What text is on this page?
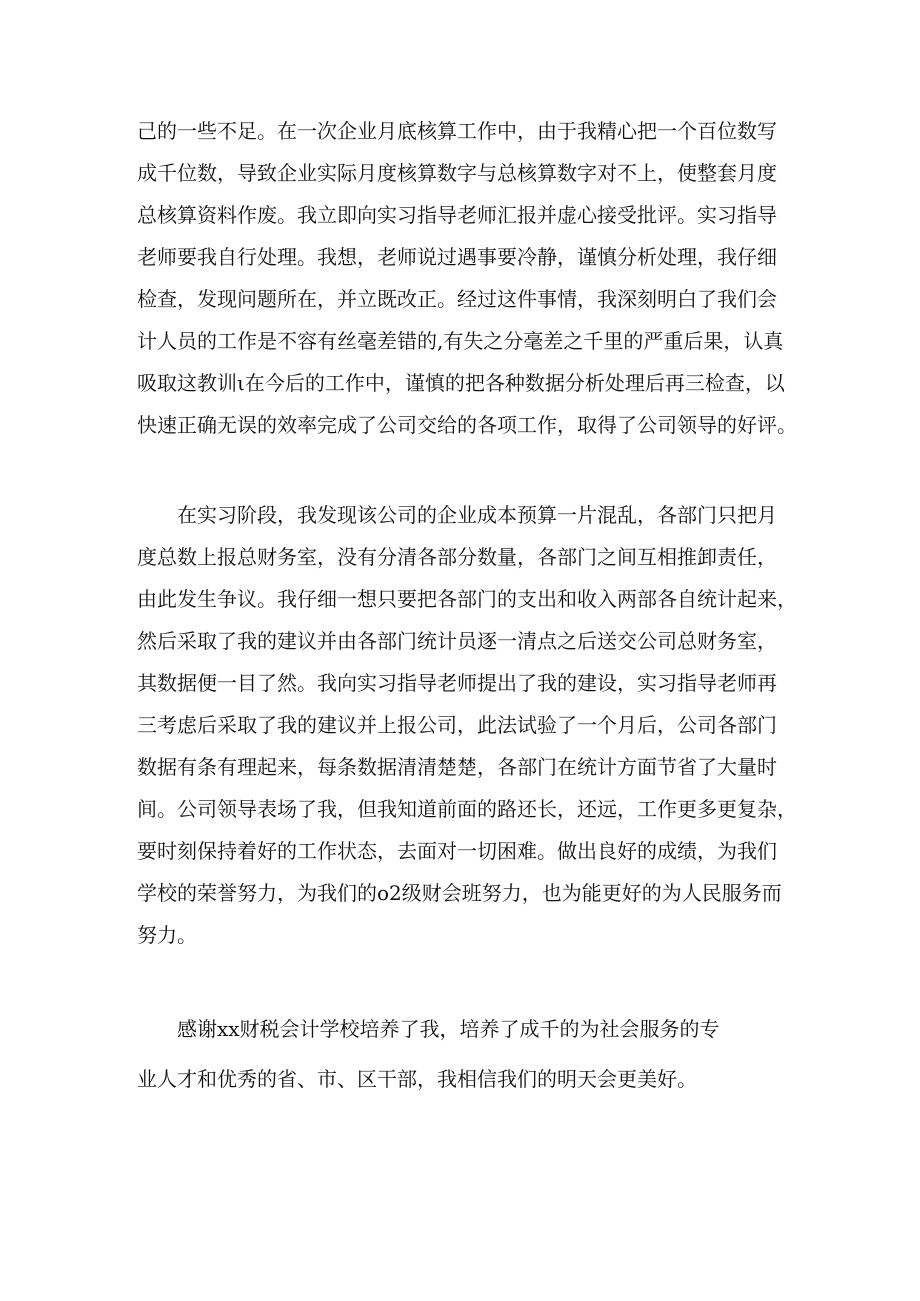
己的一些不足。在一次企业月底核算工作中，由于我精心把一个百位数写
成千位数，导致企业实际月度核算数字与总核算数字对不上，使整套月度
总核算资料作废。我立即向实习指导老师汇报并虚心接受批评。实习指导
老师要我自行处理。我想，老师说过遇事要冷静，谨慎分析处理，我仔细
检查，发现问题所在，并立既改正。经过这件事情，我深刻明白了我们会
计人员的工作是不容有丝毫差错的,有失之分毫差之千里的严重后果，认真
吸取这教训ι在今后的工作中，谨慎的把各种数据分析处理后再三检查，以
快速正确无误的效率完成了公司交给的各项工作，取得了公司领导的好评。
在实习阶段，我发现该公司的企业成本预算一片混乱，各部门只把月
度总数上报总财务室，没有分清各部分数量，各部门之间互相推卸责任，
由此发生争议。我仔细一想只要把各部门的支出和收入两部各自统计起来，
然后采取了我的建议并由各部门统计员逐一清点之后送交公司总财务室，
其数据便一目了然。我向实习指导老师提出了我的建设，实习指导老师再
三考虑后采取了我的建议并上报公司，此法试验了一个月后，公司各部门
数据有条有理起来，每条数据清清楚楚，各部门在统计方面节省了大量时
间。公司领导表场了我，但我知道前面的路还长，还远，工作更多更复杂，
要时刻保持着好的工作状态，去面对一切困难。做出良好的成绩，为我们
学校的荣誉努力，为我们的o2级财会班努力，也为能更好的为人民服务而
努力。
感谢xx财税会计学校培养了我，培养了成千的为社会服务的专
业人才和优秀的省、市、区干部，我相信我们的明天会更美好。
